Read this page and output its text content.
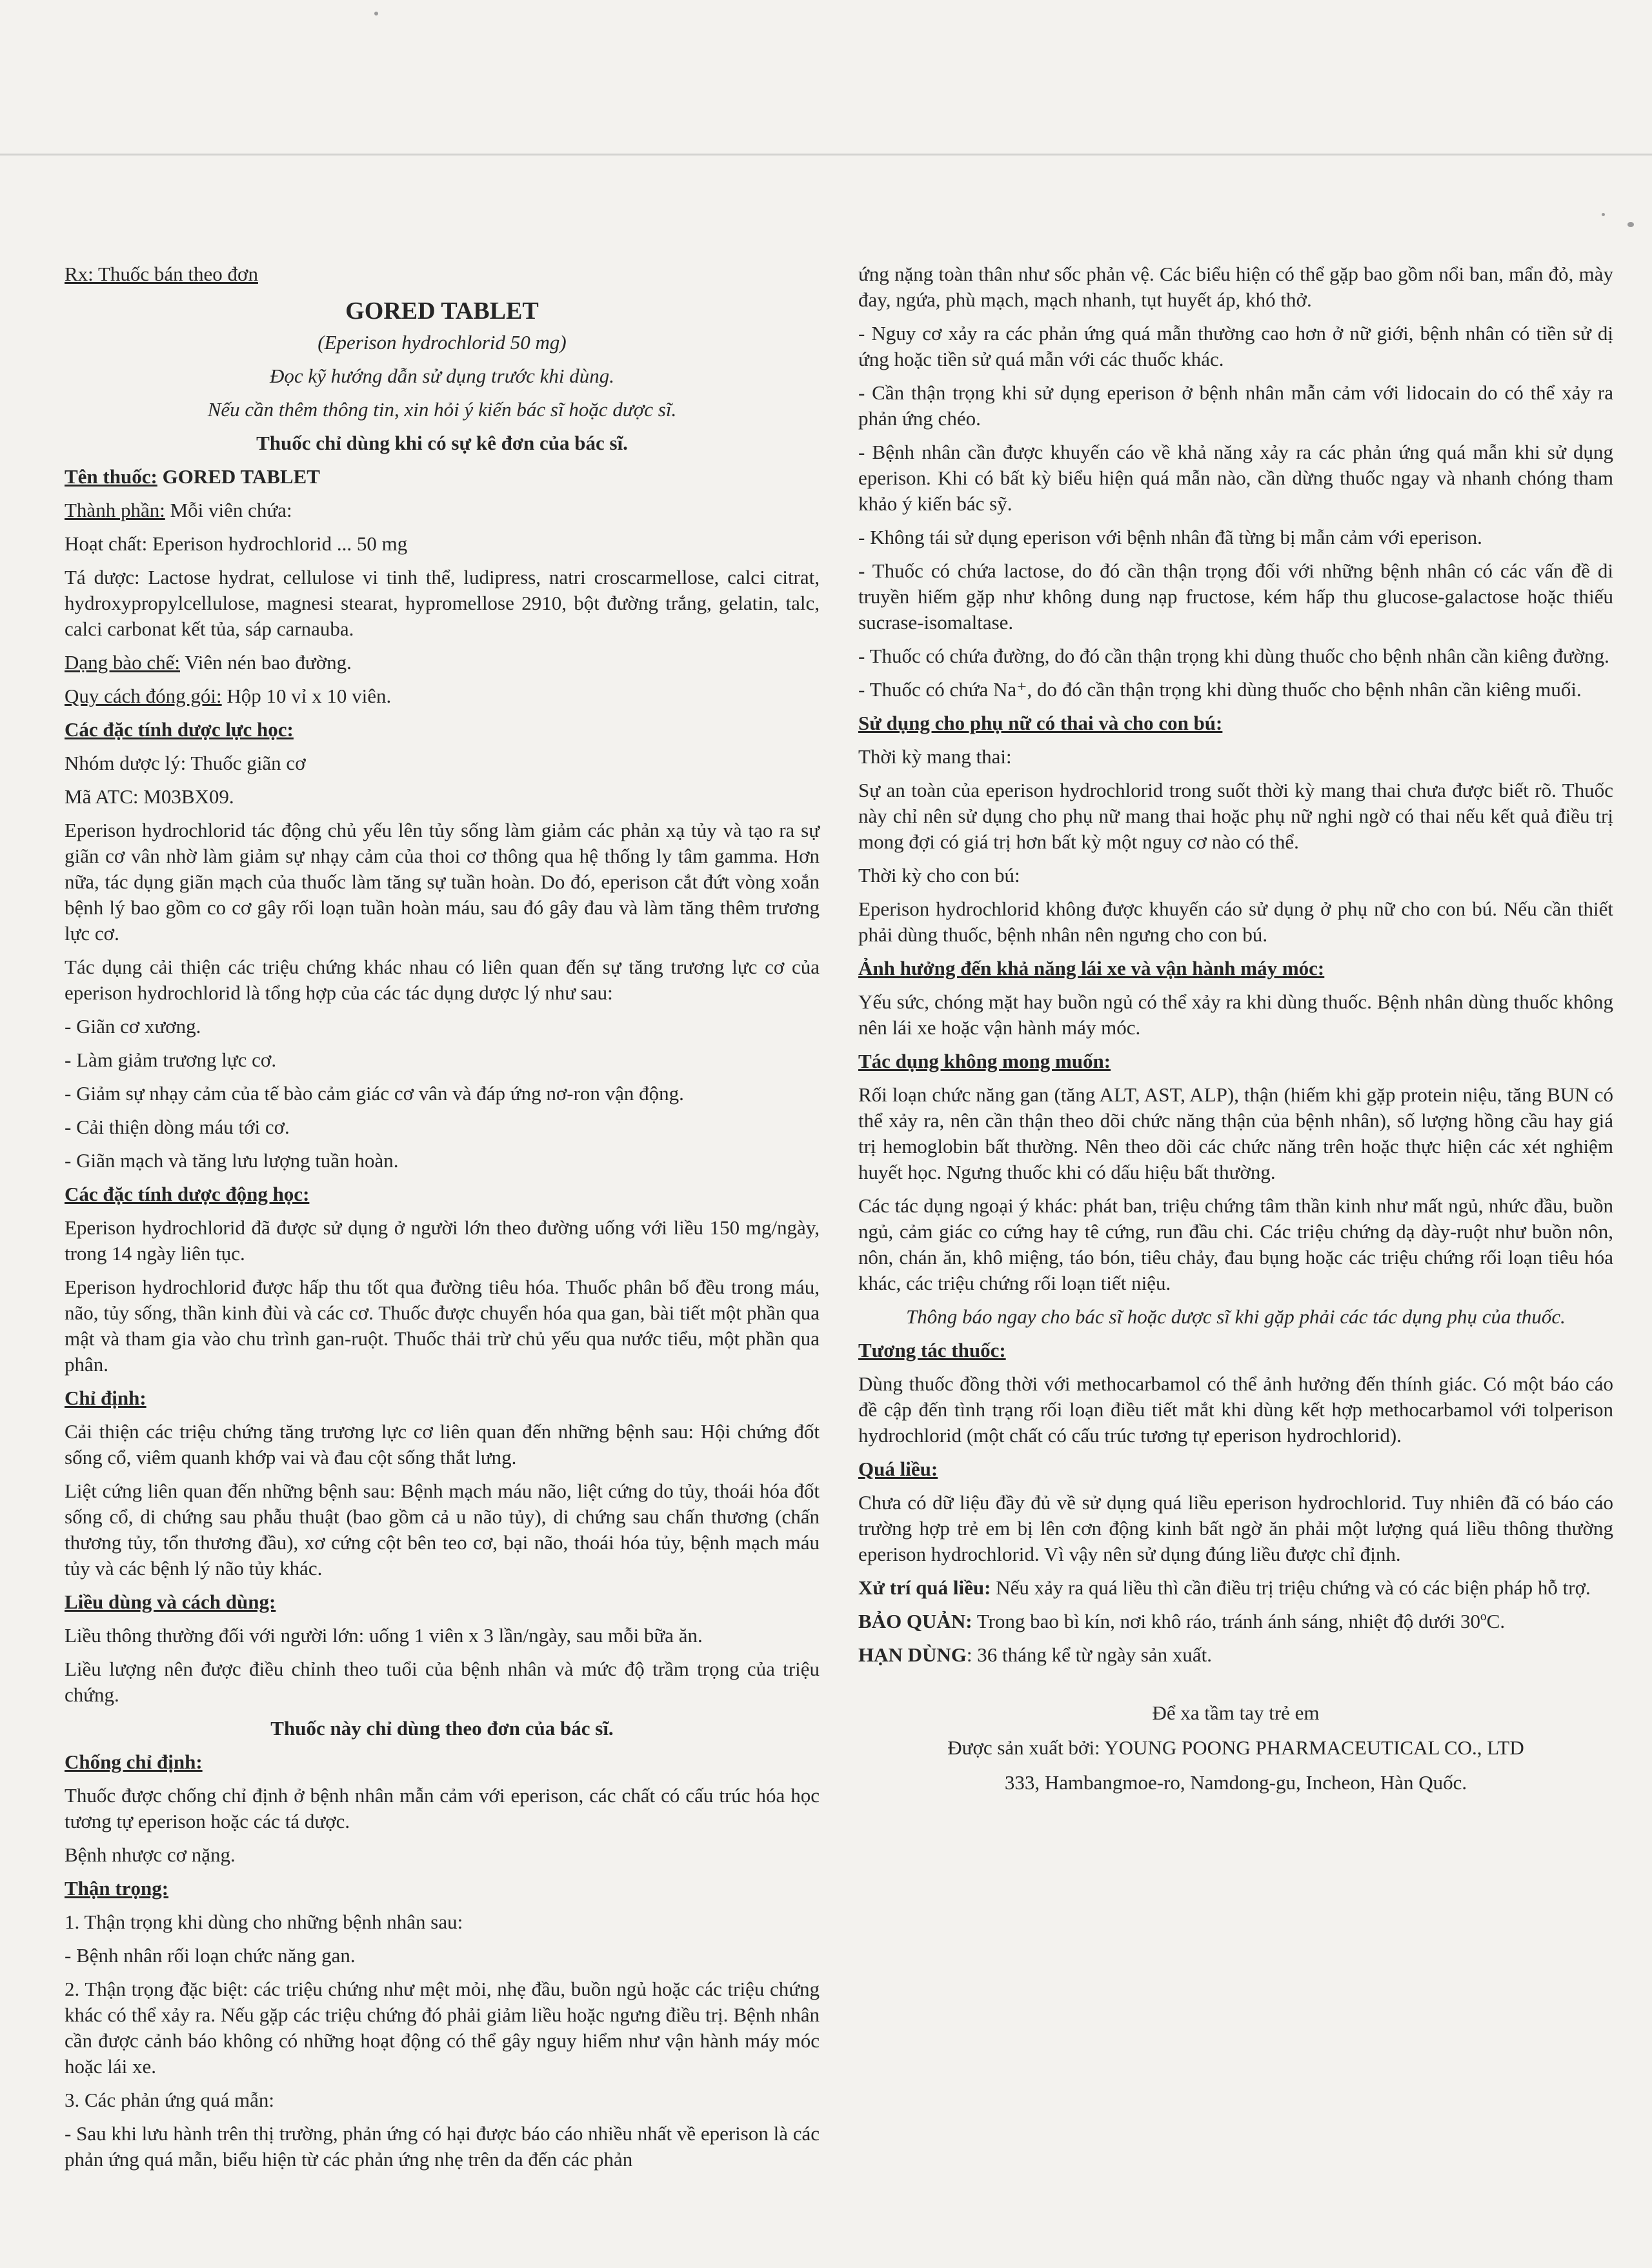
Rx: Thuốc bán theo đơn

GORED TABLET

(Eperison hydrochlorid 50 mg)

Đọc kỹ hướng dẫn sử dụng trước khi dùng.

Nếu cần thêm thông tin, xin hỏi ý kiến bác sĩ hoặc dược sĩ.

Thuốc chỉ dùng khi có sự kê đơn của bác sĩ.

Tên thuốc: GORED TABLET

Thành phần: Mỗi viên chứa:

Hoạt chất: Eperison hydrochlorid ... 50 mg

Tá dược: Lactose hydrat, cellulose vi tinh thể, ludipress, natri croscarmellose, calci citrat, hydroxypropylcellulose, magnesi stearat, hypromellose 2910, bột đường trắng, gelatin, talc, calci carbonat kết tủa, sáp carnauba.

Dạng bào chế: Viên nén bao đường.

Quy cách đóng gói: Hộp 10 vỉ x 10 viên.

Các đặc tính dược lực học:

Nhóm dược lý: Thuốc giãn cơ

Mã ATC: M03BX09.

Eperison hydrochlorid tác động chủ yếu lên tủy sống làm giảm các phản xạ tủy và tạo ra sự giãn cơ vân nhờ làm giảm sự nhạy cảm của thoi cơ thông qua hệ thống ly tâm gamma. Hơn nữa, tác dụng giãn mạch của thuốc làm tăng sự tuần hoàn. Do đó, eperison cắt đứt vòng xoắn bệnh lý bao gồm co cơ gây rối loạn tuần hoàn máu, sau đó gây đau và làm tăng thêm trương lực cơ.

Tác dụng cải thiện các triệu chứng khác nhau có liên quan đến sự tăng trương lực cơ của eperison hydrochlorid là tổng hợp của các tác dụng dược lý như sau:

- Giãn cơ xương.

- Làm giảm trương lực cơ.

- Giảm sự nhạy cảm của tế bào cảm giác cơ vân và đáp ứng nơ-ron vận động.

- Cải thiện dòng máu tới cơ.

- Giãn mạch và tăng lưu lượng tuần hoàn.

Các đặc tính dược động học:

Eperison hydrochlorid đã được sử dụng ở người lớn theo đường uống với liều 150 mg/ngày, trong 14 ngày liên tục.

Eperison hydrochlorid được hấp thu tốt qua đường tiêu hóa. Thuốc phân bố đều trong máu, não, tủy sống, thần kinh đùi và các cơ. Thuốc được chuyển hóa qua gan, bài tiết một phần qua mật và tham gia vào chu trình gan-ruột. Thuốc thải trừ chủ yếu qua nước tiểu, một phần qua phân.

Chỉ định:

Cải thiện các triệu chứng tăng trương lực cơ liên quan đến những bệnh sau: Hội chứng đốt sống cổ, viêm quanh khớp vai và đau cột sống thắt lưng.

Liệt cứng liên quan đến những bệnh sau: Bệnh mạch máu não, liệt cứng do tủy, thoái hóa đốt sống cổ, di chứng sau phẫu thuật (bao gồm cả u não tủy), di chứng sau chấn thương (chấn thương tủy, tổn thương đầu), xơ cứng cột bên teo cơ, bại não, thoái hóa tủy, bệnh mạch máu tủy và các bệnh lý não tủy khác.

Liều dùng và cách dùng:

Liều thông thường đối với người lớn: uống 1 viên x 3 lần/ngày, sau mỗi bữa ăn.

Liều lượng nên được điều chỉnh theo tuổi của bệnh nhân và mức độ trầm trọng của triệu chứng.

Thuốc này chỉ dùng theo đơn của bác sĩ.

Chống chỉ định:

Thuốc được chống chỉ định ở bệnh nhân mẫn cảm với eperison, các chất có cấu trúc hóa học tương tự eperison hoặc các tá dược.

Bệnh nhược cơ nặng.

Thận trọng:

1. Thận trọng khi dùng cho những bệnh nhân sau:

- Bệnh nhân rối loạn chức năng gan.

2. Thận trọng đặc biệt: các triệu chứng như mệt mỏi, nhẹ đầu, buồn ngủ hoặc các triệu chứng khác có thể xảy ra. Nếu gặp các triệu chứng đó phải giảm liều hoặc ngưng điều trị. Bệnh nhân cần được cảnh báo không có những hoạt động có thể gây nguy hiểm như vận hành máy móc hoặc lái xe.

3. Các phản ứng quá mẫn:

- Sau khi lưu hành trên thị trường, phản ứng có hại được báo cáo nhiều nhất về eperison là các phản ứng quá mẫn, biểu hiện từ các phản ứng nhẹ trên da đến các phản

ứng nặng toàn thân như sốc phản vệ. Các biểu hiện có thể gặp bao gồm nổi ban, mẩn đỏ, mày đay, ngứa, phù mạch, mạch nhanh, tụt huyết áp, khó thở.

- Nguy cơ xảy ra các phản ứng quá mẫn thường cao hơn ở nữ giới, bệnh nhân có tiền sử dị ứng hoặc tiền sử quá mẫn với các thuốc khác.

- Cần thận trọng khi sử dụng eperison ở bệnh nhân mẫn cảm với lidocain do có thể xảy ra phản ứng chéo.

- Bệnh nhân cần được khuyến cáo về khả năng xảy ra các phản ứng quá mẫn khi sử dụng eperison. Khi có bất kỳ biểu hiện quá mẫn nào, cần dừng thuốc ngay và nhanh chóng tham khảo ý kiến bác sỹ.

- Không tái sử dụng eperison với bệnh nhân đã từng bị mẫn cảm với eperison.

- Thuốc có chứa lactose, do đó cần thận trọng đối với những bệnh nhân có các vấn đề di truyền hiếm gặp như không dung nạp fructose, kém hấp thu glucose-galactose hoặc thiếu sucrase-isomaltase.

- Thuốc có chứa đường, do đó cần thận trọng khi dùng thuốc cho bệnh nhân cần kiêng đường.

- Thuốc có chứa Na⁺, do đó cần thận trọng khi dùng thuốc cho bệnh nhân cần kiêng muối.

Sử dụng cho phụ nữ có thai và cho con bú:

Thời kỳ mang thai:

Sự an toàn của eperison hydrochlorid trong suốt thời kỳ mang thai chưa được biết rõ. Thuốc này chỉ nên sử dụng cho phụ nữ mang thai hoặc phụ nữ nghi ngờ có thai nếu kết quả điều trị mong đợi có giá trị hơn bất kỳ một nguy cơ nào có thể.

Thời kỳ cho con bú:

Eperison hydrochlorid không được khuyến cáo sử dụng ở phụ nữ cho con bú. Nếu cần thiết phải dùng thuốc, bệnh nhân nên ngưng cho con bú.

Ảnh hưởng đến khả năng lái xe và vận hành máy móc:

Yếu sức, chóng mặt hay buồn ngủ có thể xảy ra khi dùng thuốc. Bệnh nhân dùng thuốc không nên lái xe hoặc vận hành máy móc.

Tác dụng không mong muốn:

Rối loạn chức năng gan (tăng ALT, AST, ALP), thận (hiếm khi gặp protein niệu, tăng BUN có thể xảy ra, nên cần thận theo dõi chức năng thận của bệnh nhân), số lượng hồng cầu hay giá trị hemoglobin bất thường. Nên theo dõi các chức năng trên hoặc thực hiện các xét nghiệm huyết học. Ngưng thuốc khi có dấu hiệu bất thường.

Các tác dụng ngoại ý khác: phát ban, triệu chứng tâm thần kinh như mất ngủ, nhức đầu, buồn ngủ, cảm giác co cứng hay tê cứng, run đầu chi. Các triệu chứng dạ dày-ruột như buồn nôn, nôn, chán ăn, khô miệng, táo bón, tiêu chảy, đau bụng hoặc các triệu chứng rối loạn tiêu hóa khác, các triệu chứng rối loạn tiết niệu.

Thông báo ngay cho bác sĩ hoặc dược sĩ khi gặp phải các tác dụng phụ của thuốc.

Tương tác thuốc:

Dùng thuốc đồng thời với methocarbamol có thể ảnh hưởng đến thính giác. Có một báo cáo đề cập đến tình trạng rối loạn điều tiết mắt khi dùng kết hợp methocarbamol với tolperison hydrochlorid (một chất có cấu trúc tương tự eperison hydrochlorid).

Quá liều:

Chưa có dữ liệu đầy đủ về sử dụng quá liều eperison hydrochlorid. Tuy nhiên đã có báo cáo trường hợp trẻ em bị lên cơn động kinh bất ngờ ăn phải một lượng quá liều thông thường eperison hydrochlorid. Vì vậy nên sử dụng đúng liều được chỉ định.

Xử trí quá liều: Nếu xảy ra quá liều thì cần điều trị triệu chứng và có các biện pháp hỗ trợ.

BẢO QUẢN: Trong bao bì kín, nơi khô ráo, tránh ánh sáng, nhiệt độ dưới 30ºC.

HẠN DÙNG: 36 tháng kể từ ngày sản xuất.

Để xa tầm tay trẻ em

Được sản xuất bởi: YOUNG POONG PHARMACEUTICAL CO., LTD

333, Hambangmoe-ro, Namdong-gu, Incheon, Hàn Quốc.
